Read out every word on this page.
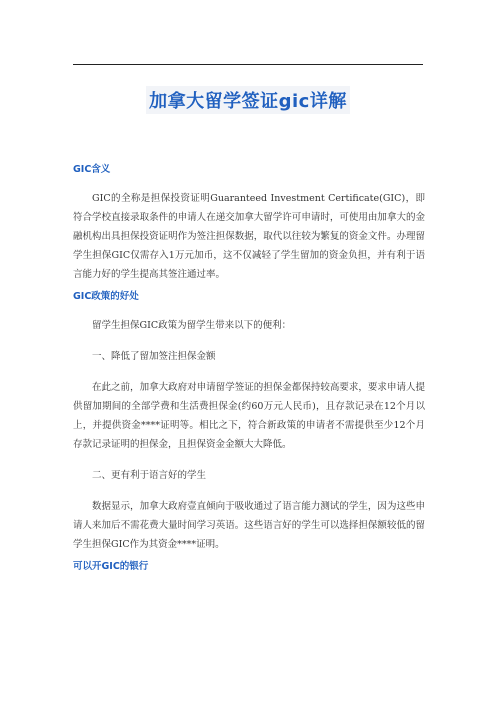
加拿大留学签证gic详解
GIC含义

GIC的全称是担保投资证明Guaranteed Investment Certificate(GIC)，即符合学校直接录取条件的申请人在递交加拿大留学许可申请时，可使用由加拿大的金融机构出具担保投资证明作为签注担保数据，取代以往较为繁复的资金文件。办理留学生担保GIC仅需存入1万元加币，这不仅减轻了学生留加的资金负担，并有利于语言能力好的学生提高其签注通过率。

GIC政策的好处

留学生担保GIC政策为留学生带来以下的便利：

一、降低了留加签注担保金额

在此之前，加拿大政府对申请留学签证的担保金都保持较高要求，要求申请人提供留加期间的全部学费和生活费担保金(约60万元人民币)，且存款记录在12个月以上，并提供资金****证明等。相比之下，符合新政策的申请者不需提供至少12个月存款记录证明的担保金，且担保资金金额大大降低。

二、更有利于语言好的学生

数据显示，加拿大政府壹直倾向于吸收通过了语言能力测试的学生，因为这些申请人来加后不需花费大量时间学习英语。这些语言好的学生可以选择担保额较低的留学生担保GIC作为其资金****证明。

可以开GIC的银行
